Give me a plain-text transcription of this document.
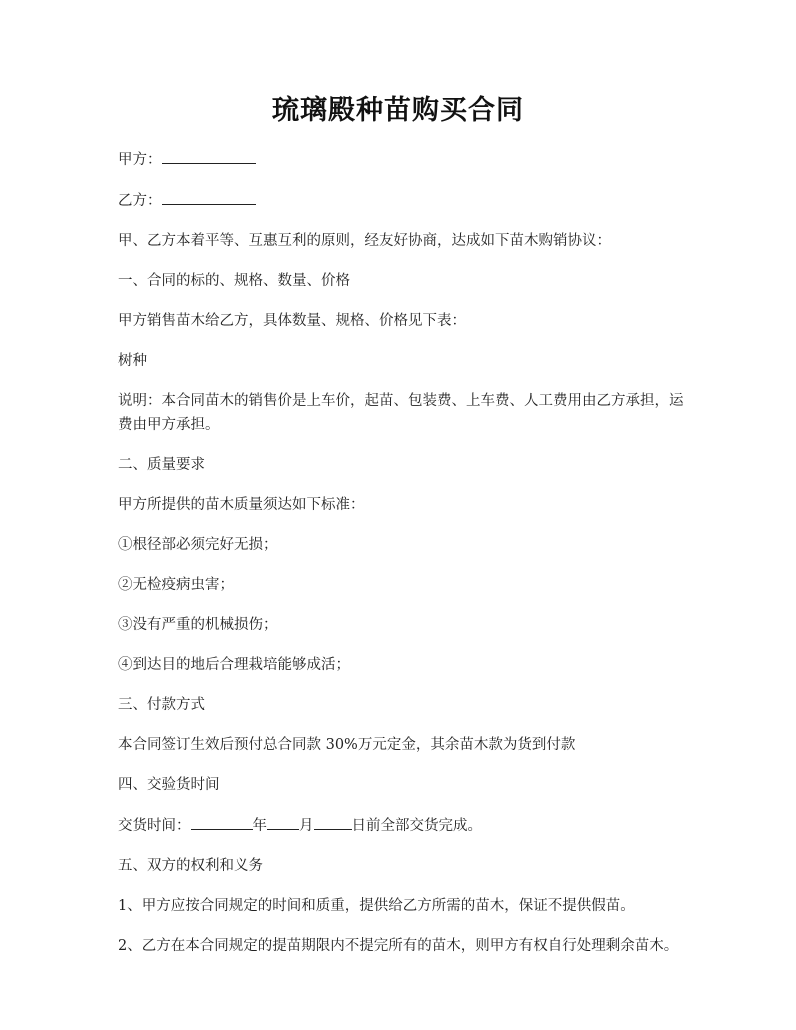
琉璃殿种苗购买合同

甲方：

乙方：

甲、乙方本着平等、互惠互利的原则，经友好协商，达成如下苗木购销协议：

一、合同的标的、规格、数量、价格

甲方销售苗木给乙方，具体数量、规格、价格见下表：

树种

说明：本合同苗木的销售价是上车价，起苗、包装费、上车费、人工费用由乙方承担，运费由甲方承担。

二、质量要求

甲方所提供的苗木质量须达如下标准：

①根径部必须完好无损；

②无检疫病虫害；

③没有严重的机械损伤；

④到达目的地后合理栽培能够成活；

三、付款方式

本合同签订生效后预付总合同款 30%万元定金，其余苗木款为货到付款

四、交验货时间

交货时间：	年 月	日前全部交货完成。

五、双方的权利和义务

1、甲方应按合同规定的时间和质重，提供给乙方所需的苗木，保证不提供假苗。

2、乙方在本合同规定的提苗期限内不提完所有的苗木，则甲方有权自行处理剩余苗木。
